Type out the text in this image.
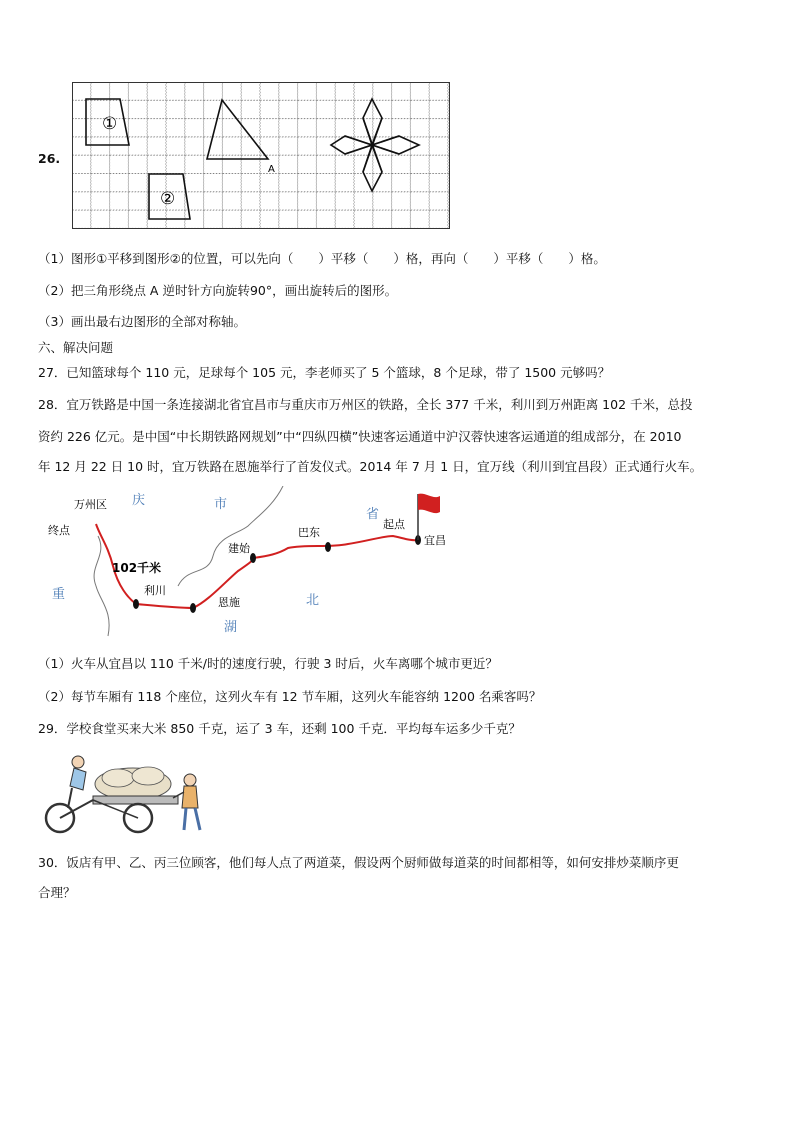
26.
①
②
A
（1）图形①平移到图形②的位置，可以先向（　　）平移（　　）格，再向（　　）平移（　　）格。
（2）把三角形绕点 A 逆时针方向旋转90°，画出旋转后的图形。
（3）画出最右边图形的全部对称轴。
六、解决问题
27．已知篮球每个 110 元，足球每个 105 元，李老师买了 5 个篮球，8 个足球，带了 1500 元够吗？
28．宜万铁路是中国一条连接湖北省宜昌市与重庆市万州区的铁路，全长 377 千米，利川到万州距离 102 千米，总投
资约 226 亿元。是中国“中长期铁路网规划”中“四纵四横”快速客运通道中沪汉蓉快速客运通道的组成部分，在 2010
年 12 月 22 日 10 时，宜万铁路在恩施举行了首发仪式。2014 年 7 月 1 日，宜万线（利川到宜昌段）正式通行火车。
万州区
终点
庆	市
省
102千米
利川
建始
巴东
起点
宜昌
重
恩施
湖
北
（1）火车从宜昌以 110 千米/时的速度行驶，行驶 3 时后，火车离哪个城市更近？
（2）每节车厢有 118 个座位，这列火车有 12 节车厢，这列火车能容纳 1200 名乘客吗？
29．学校食堂买来大米 850 千克，运了 3 车，还剩 100 千克．平均每车运多少千克？
30．饭店有甲、乙、丙三位顾客，他们每人点了两道菜，假设两个厨师做每道菜的时间都相等，如何安排炒菜顺序更
合理？
